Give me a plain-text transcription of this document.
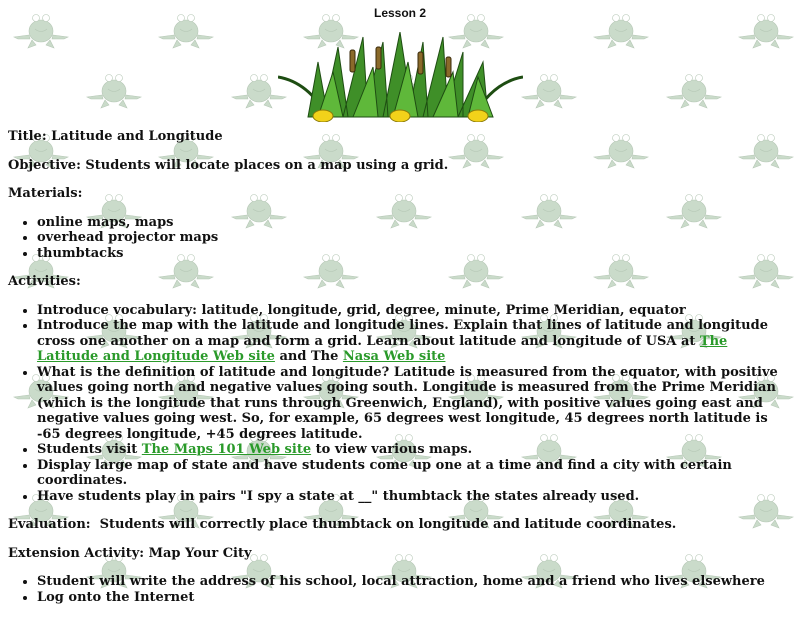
Lesson 2

Title: Latitude and Longitude

Objective: Students will locate places on a map using a grid.

Materials:

• online maps, maps
• overhead projector maps
• thumbtacks

Activities:

• Introduce vocabulary: latitude, longitude, grid, degree, minute, Prime Meridian, equator
• Introduce the map with the latitude and longitude lines. Explain that lines of latitude and longitude cross one another on a map and form a grid. Learn about latitude and longitude of USA at The Latitude and Longitude Web site and The Nasa Web site
• What is the definition of latitude and longitude? Latitude is measured from the equator, with positive values going north and negative values going south. Longitude is measured from the Prime Meridian (which is the longitude that runs through Greenwich, England), with positive values going east and negative values going west. So, for example, 65 degrees west longitude, 45 degrees north latitude is -65 degrees longitude, +45 degrees latitude.
• Students visit The Maps 101 Web site to view various maps.
• Display large map of state and have students come up one at a time and find a city with certain coordinates.
• Have students play in pairs "I spy a state at __" thumbtack the states already used.

Evaluation:  Students will correctly place thumbtack on longitude and latitude coordinates.

Extension Activity: Map Your City

• Student will write the address of his school, local attraction, home and a friend who lives elsewhere
• Log onto the Internet
